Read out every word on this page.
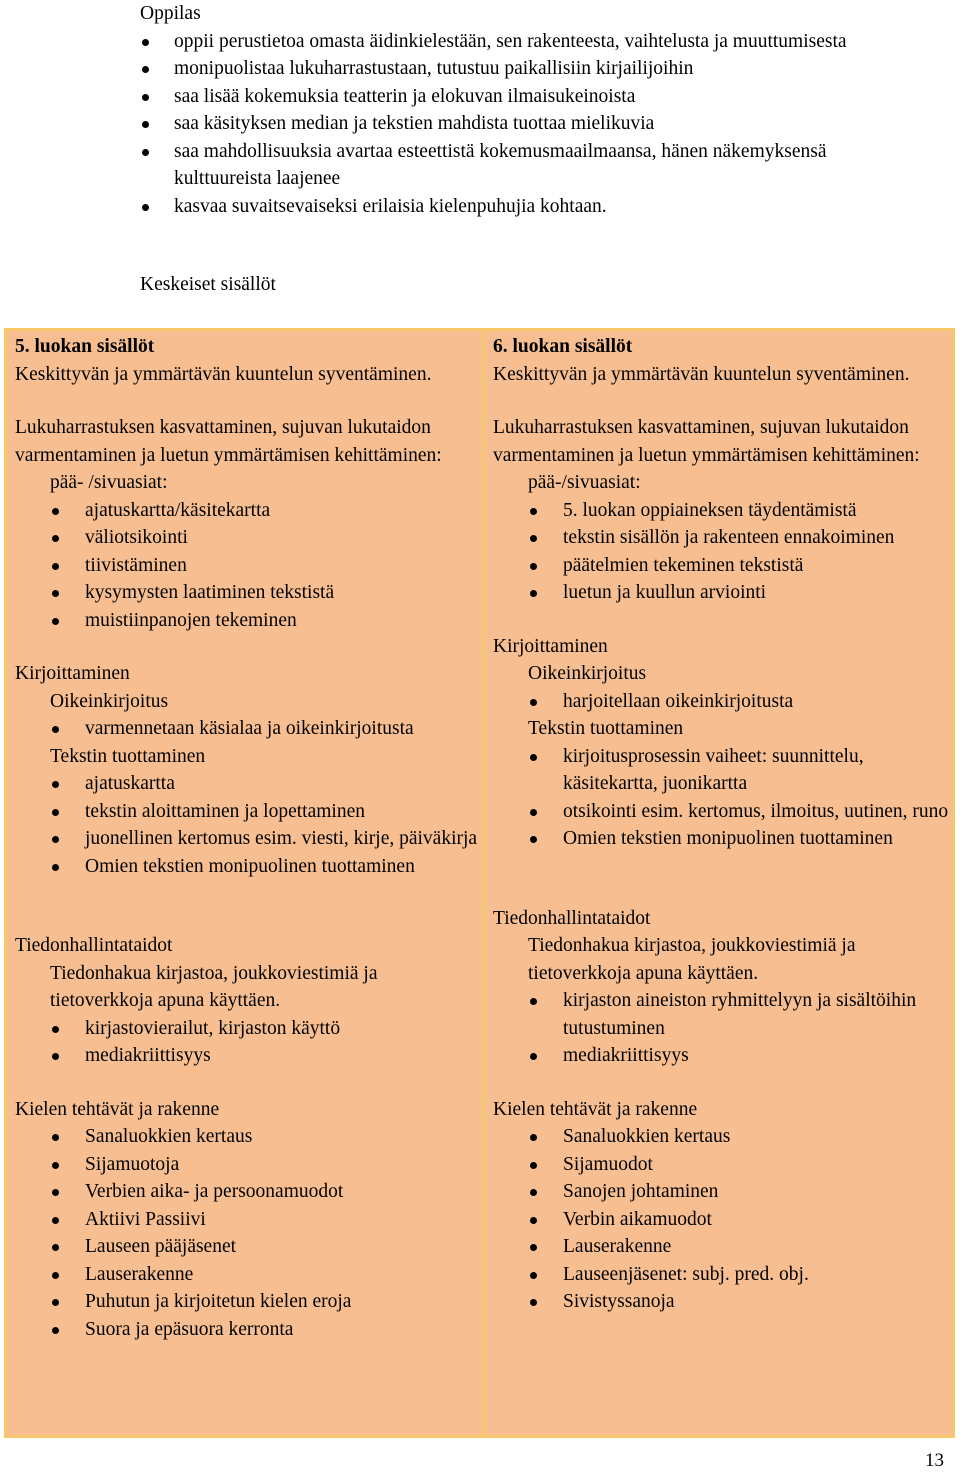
Oppilas

oppii perustietoa omasta äidinkielestään, sen rakenteesta, vaihtelusta ja muuttumisesta
monipuolistaa lukuharrastustaan, tutustuu paikallisiin kirjailijoihin
saa lisää kokemuksia teatterin ja elokuvan ilmaisukeinoista
saa käsityksen median ja tekstien mahdista tuottaa mielikuvia
saa mahdollisuuksia avartaa esteettistä kokemusmaailmaansa, hänen näkemyksensä kulttuureista laajenee
kasvaa suvaitsevaiseksi erilaisia kielenpuhujia kohtaan.
Keskeiset sisällöt
5. luokan sisällöt
Keskittyvän ja ymmärtävän kuuntelun syventäminen.
Lukuharrastuksen kasvattaminen, sujuvan lukutaidon varmentaminen ja luetun ymmärtämisen kehittäminen:
pää- /sivuasiat:
ajatuskartta/käsitekartta
väliotsikointi
tiivistäminen
kysymysten laatiminen tekstistä
muistiinpanojen tekeminen
Kirjoittaminen
Oikeinkirjoitus
varmennetaan käsialaa ja oikeinkirjoitusta
Tekstin tuottaminen
ajatuskartta
tekstin aloittaminen ja lopettaminen
juonellinen kertomus esim. viesti, kirje, päiväkirja
Omien tekstien monipuolinen tuottaminen
Tiedonhallintataidot
Tiedonhakua kirjastoa, joukkoviestimiä ja tietoverkkoja apuna käyttäen.
kirjastovierailut, kirjaston käyttö
mediakriittisyys
Kielen tehtävät ja rakenne
Sanaluokkien kertaus
Sijamuotoja
Verbien aika- ja persoonamuodot
Aktiivi Passiivi
Lauseen pääjäsenet
Lauserakenne
Puhutun ja kirjoitetun kielen eroja
Suora ja epäsuora kerronta
6. luokan sisällöt
Keskittyvän ja ymmärtävän kuuntelun syventäminen.
Lukuharrastuksen kasvattaminen, sujuvan lukutaidon varmentaminen ja luetun ymmärtämisen kehittäminen:
pää-/sivuasiat:
5. luokan oppiaineksen täydentämistä
tekstin sisällön ja rakenteen ennakoiminen
päätelmien tekeminen tekstistä
luetun ja kuullun arviointi
Kirjoittaminen
Oikeinkirjoitus
harjoitellaan oikeinkirjoitusta
Tekstin tuottaminen
kirjoitusprosessin vaiheet: suunnittelu, käsitekartta, juonikartta
otsikointi esim. kertomus, ilmoitus, uutinen, runo
Omien tekstien monipuolinen tuottaminen
Tiedonhallintataidot
Tiedonhakua kirjastoa, joukkoviestimiä ja tietoverkkoja apuna käyttäen.
kirjaston aineiston ryhmittelyyn ja sisältöihin tutustuminen
mediakriittisyys
Kielen tehtävät ja rakenne
Sanaluokkien kertaus
Sijamuodot
Sanojen johtaminen
Verbin aikamuodot
Lauserakenne
Lauseenjäsenet: subj. pred. obj.
Sivistyssanoja
13
